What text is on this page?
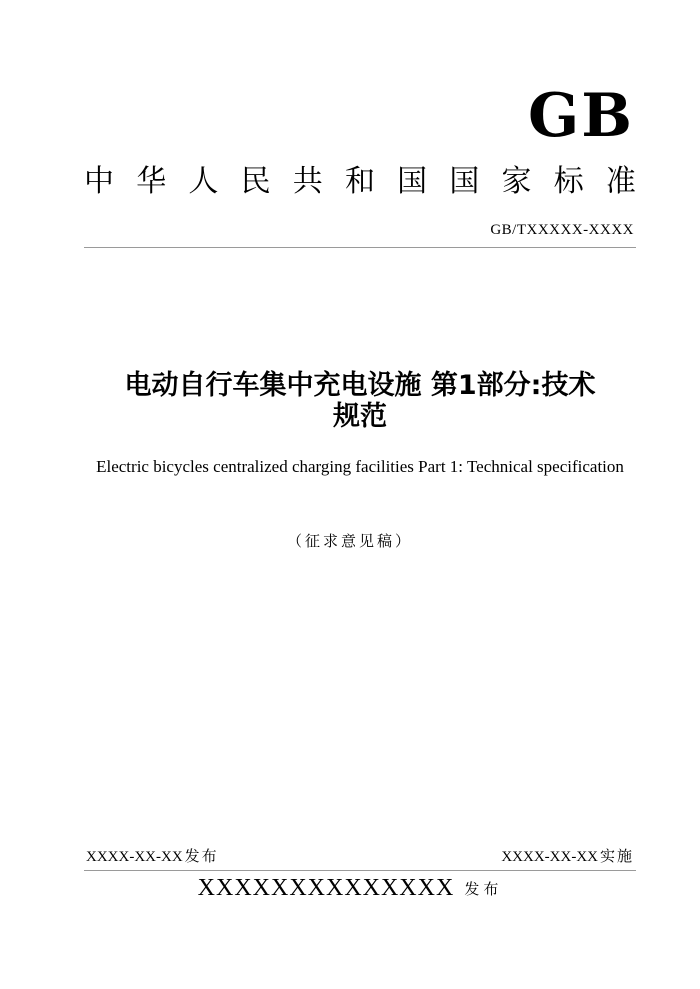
GB
中 华 人 民 共 和 国 国 家 标 准
GB/TXXXXX-XXXX
电动自行车集中充电设施 第1部分:技术
规范
Electric bicycles centralized charging facilities Part 1: Technical specification
（征求意见稿）
XXXX-XX-XX 发布	XXXX-XX-XX 实施
XXXXXXXXXXXXXX 发布
